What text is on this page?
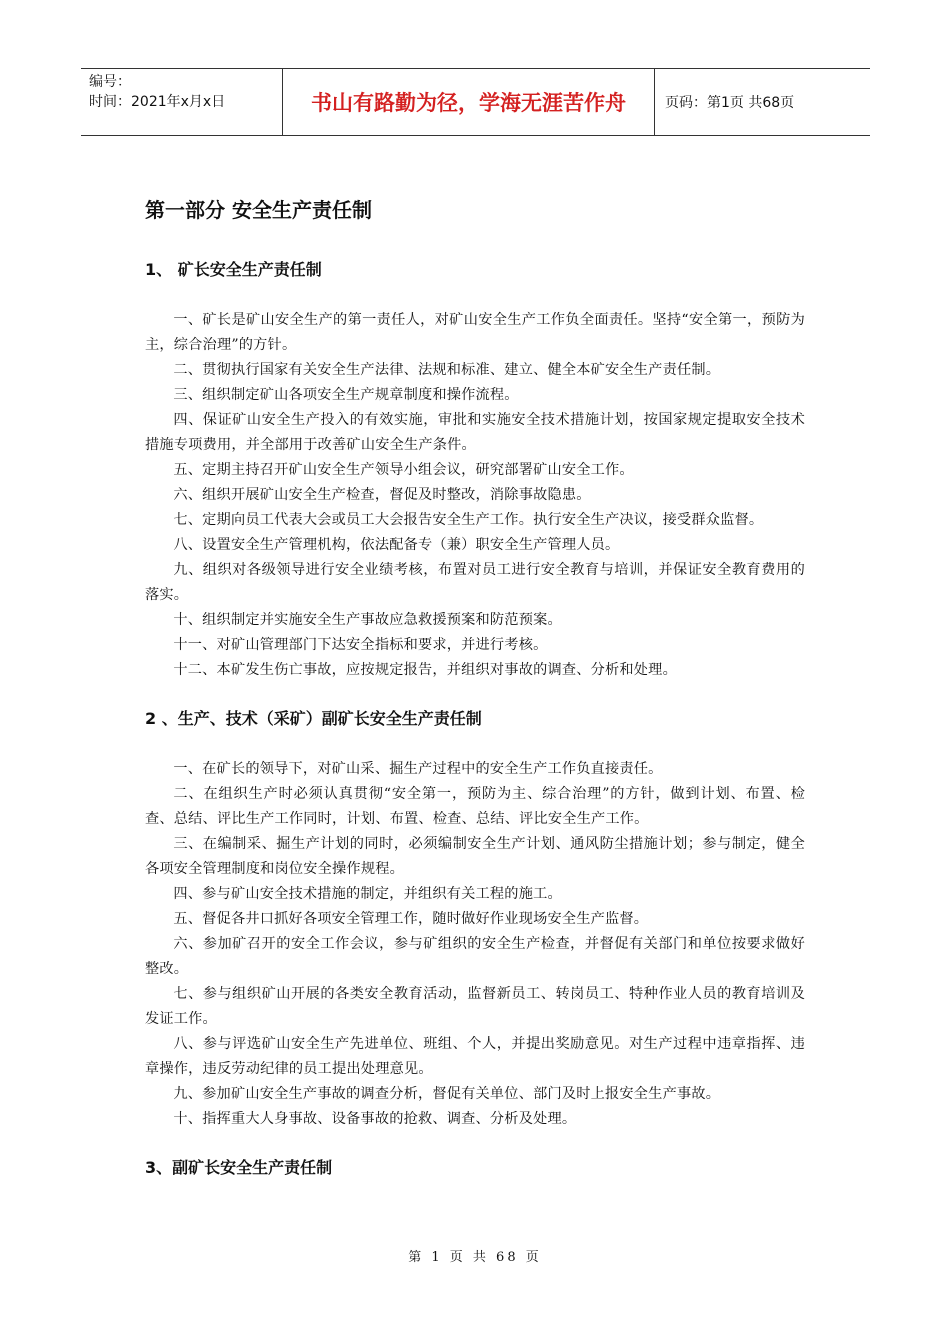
编号：
时间：2021年x月x日	书山有路勤为径，学海无涯苦作舟	页码：第1页 共68页
第一部分 安全生产责任制
1、 矿长安全生产责任制

一、矿长是矿山安全生产的第一责任人，对矿山安全生产工作负全面责任。坚持“安全第一，预防为主，综合治理”的方针。

二、贯彻执行国家有关安全生产法律、法规和标准、建立、健全本矿安全生产责任制。

三、组织制定矿山各项安全生产规章制度和操作流程。

四、保证矿山安全生产投入的有效实施，审批和实施安全技术措施计划，按国家规定提取安全技术措施专项费用，并全部用于改善矿山安全生产条件。

五、定期主持召开矿山安全生产领导小组会议，研究部署矿山安全工作。

六、组织开展矿山安全生产检查，督促及时整改，消除事故隐患。

七、定期向员工代表大会或员工大会报告安全生产工作。执行安全生产决议，接受群众监督。

八、设置安全生产管理机构，依法配备专（兼）职安全生产管理人员。

九、组织对各级领导进行安全业绩考核，布置对员工进行安全教育与培训，并保证安全教育费用的落实。

十、组织制定并实施安全生产事故应急救援预案和防范预案。

十一、对矿山管理部门下达安全指标和要求，并进行考核。

十二、本矿发生伤亡事故，应按规定报告，并组织对事故的调查、分析和处理。

2 、生产、技术（采矿）副矿长安全生产责任制

一、在矿长的领导下，对矿山采、掘生产过程中的安全生产工作负直接责任。

二、在组织生产时必须认真贯彻“安全第一，预防为主、综合治理”的方针，做到计划、布置、检查、总结、评比生产工作同时，计划、布置、检查、总结、评比安全生产工作。

三、在编制采、掘生产计划的同时，必须编制安全生产计划、通风防尘措施计划；参与制定，健全各项安全管理制度和岗位安全操作规程。

四、参与矿山安全技术措施的制定，并组织有关工程的施工。

五、督促各井口抓好各项安全管理工作，随时做好作业现场安全生产监督。

六、参加矿召开的安全工作会议，参与矿组织的安全生产检查，并督促有关部门和单位按要求做好整改。

七、参与组织矿山开展的各类安全教育活动，监督新员工、转岗员工、特种作业人员的教育培训及发证工作。

八、参与评选矿山安全生产先进单位、班组、个人，并提出奖励意见。对生产过程中违章指挥、违章操作，违反劳动纪律的员工提出处理意见。

九、参加矿山安全生产事故的调查分析，督促有关单位、部门及时上报安全生产事故。

十、指挥重大人身事故、设备事故的抢救、调查、分析及处理。

3、副矿长安全生产责任制
第 1 页 共 68 页
